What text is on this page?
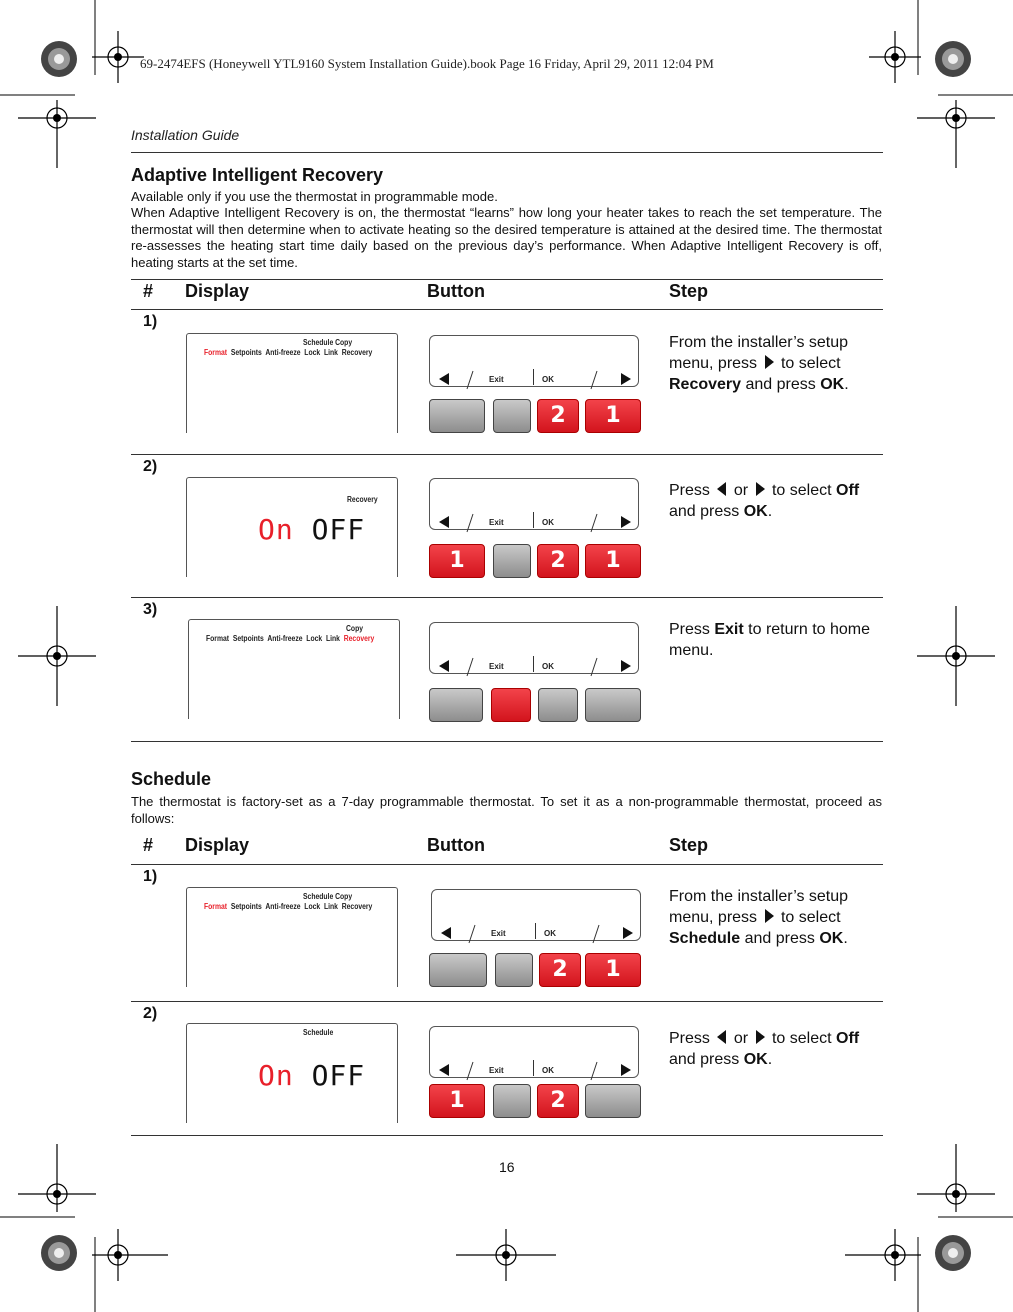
69-2474EFS (Honeywell YTL9160 System Installation Guide).book Page 16 Friday, April 29, 2011 12:04 PM
Installation Guide
Adaptive Intelligent Recovery
Available only if you use the thermostat in programmable mode.
When Adaptive Intelligent Recovery is on, the thermostat “learns” how long your heater takes to reach the set temperature. The thermostat will then determine when to activate heating so the desired temperature is attained at the desired time. The thermostat re-assesses the heating start time daily based on the previous day’s performance. When Adaptive Intelligent Recovery is off, heating starts at the set time.
# Display	Button	Step
1)
Schedule Copy
Format Setpoints Anti-freeze Lock Link Recovery
Exit	OK
2	1
From the installer’s setup menu, press to select Recovery and press OK.
2)
Recovery
On OFF	Exit	OK
1	2	1
Press or to select Off and press OK.
3)
Copy
Format Setpoints Anti-freeze Lock Link Recovery
Exit	OK
Press Exit to return to home menu.
Schedule
The thermostat is factory-set as a 7-day programmable thermostat. To set it as a non-programmable thermostat, proceed as follows:
# Display	Button	Step
1)
Schedule Copy
Format Setpoints Anti-freeze Lock Link Recovery
Exit	OK
2	1
From the installer’s setup menu, press to select Schedule and press OK.
2)
Schedule
On OFF	Exit	OK
1	2
Press or to select Off and press OK.
16
